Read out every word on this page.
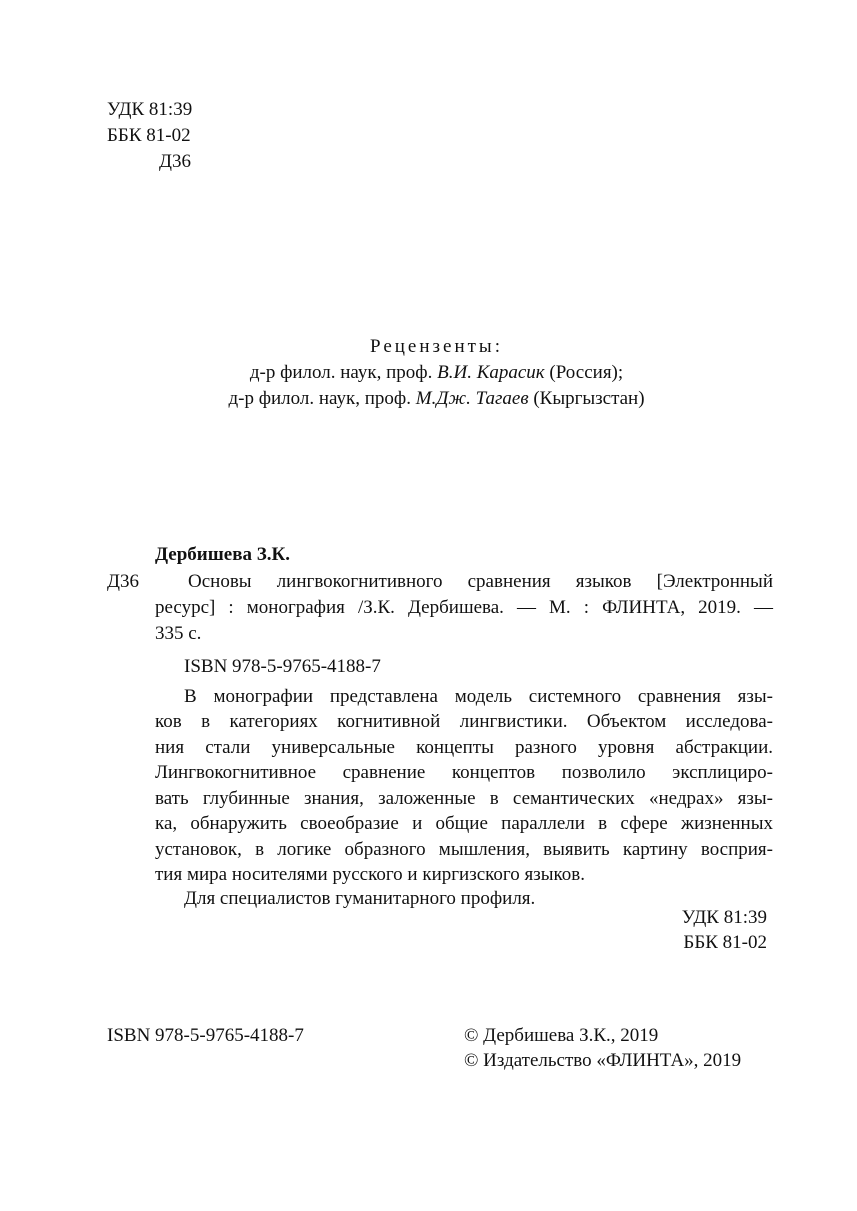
УДК 81:39
ББК 81-02
Д36
Рецензенты:
д-р филол. наук, проф. В.И. Карасик (Россия);
д-р филол. наук, проф. М.Дж. Тагаев (Кыргызстан)
Дербишева З.К.
Д36	Основы лингвокогнитивного сравнения языков [Электронный
ресурс] : монография /З.К. Дербишева. — М. : ФЛИНТА, 2019. —
335 с.
ISBN 978-5-9765-4188-7
В монографии представлена модель системного сравнения язы-
ков в категориях когнитивной лингвистики. Объектом исследова-
ния стали универсальные концепты разного уровня абстракции.
Лингвокогнитивное сравнение концептов позволило эксплициро-
вать глубинные знания, заложенные в семантических «недрах» язы-
ка, обнаружить своеобразие и общие параллели в сфере жизненных
установок, в логике образного мышления, выявить картину восприя-
тия мира носителями русского и киргизского языков.
Для специалистов гуманитарного профиля.
УДК 81:39
ББК 81-02
ISBN 978-5-9765-4188-7	© Дербишева З.К., 2019
© Издательство «ФЛИНТА», 2019
